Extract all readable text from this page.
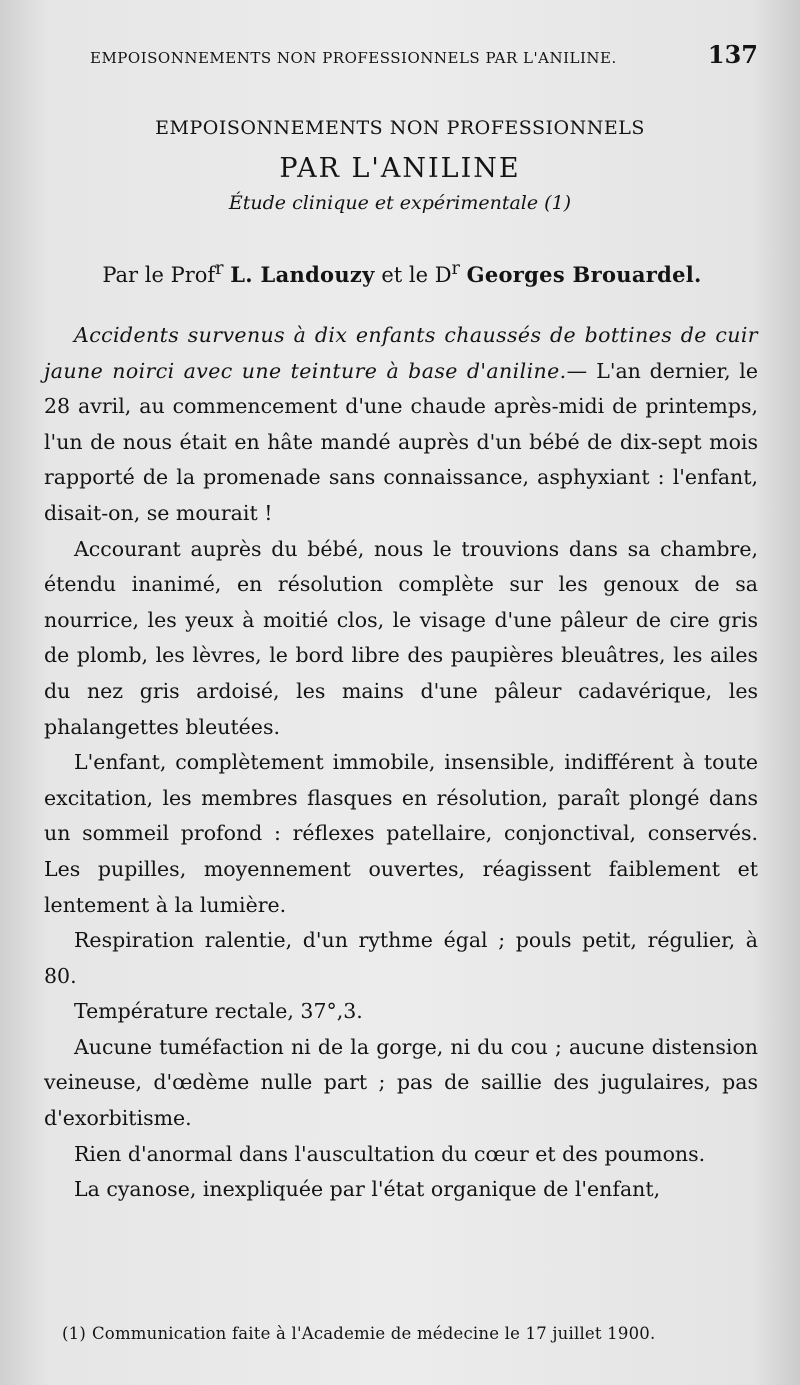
EMPOISONNEMENTS NON PROFESSIONNELS PAR L'ANILINE.	137
EMPOISONNEMENTS NON PROFESSIONNELS
PAR L'ANILINE
Étude clinique et expérimentale (1)
Par le Prof$^r$ L. Landouzy et le $D^r$ Georges Brouardel.

Accidents survenus à dix enfants chaussés de bottines de cuir jaune noirci avec une teinture à base d'aniline.— L'an dernier, le 28 avril, au commencement d'une chaude après-midi de printemps, l'un de nous était en hâte mandé auprès d'un bébé de dix-sept mois rapporté de la promenade sans connaissance, asphyxiant : l'enfant, disait-on, se mourait !

Accourant auprès du bébé, nous le trouvions dans sa chambre, étendu inanimé, en résolution complète sur les genoux de sa nourrice, les yeux à moitié clos, le visage d'une pâleur de cire gris de plomb, les lèvres, le bord libre des paupières bleuâtres, les ailes du nez gris ardoisé, les mains d'une pâleur cadavérique, les phalangettes bleutées.

L'enfant, complètement immobile, insensible, indifférent à toute excitation, les membres flasques en résolution, paraît plongé dans un sommeil profond : réflexes patellaire, conjonctival, conservés. Les pupilles, moyennement ouvertes, réagissent faiblement et lentement à la lumière.

Respiration ralentie, d'un rythme égal ; pouls petit, régulier, à 80.

Température rectale, 37°,3.

Aucune tuméfaction ni de la gorge, ni du cou ; aucune distension veineuse, d'œdème nulle part ; pas de saillie des jugulaires, pas d'exorbitisme.

Rien d'anormal dans l'auscultation du cœur et des poumons.

La cyanose, inexpliquée par l'état organique de l'enfant,

(1) Communication faite à l'Academie de médecine le 17 juillet 1900.
